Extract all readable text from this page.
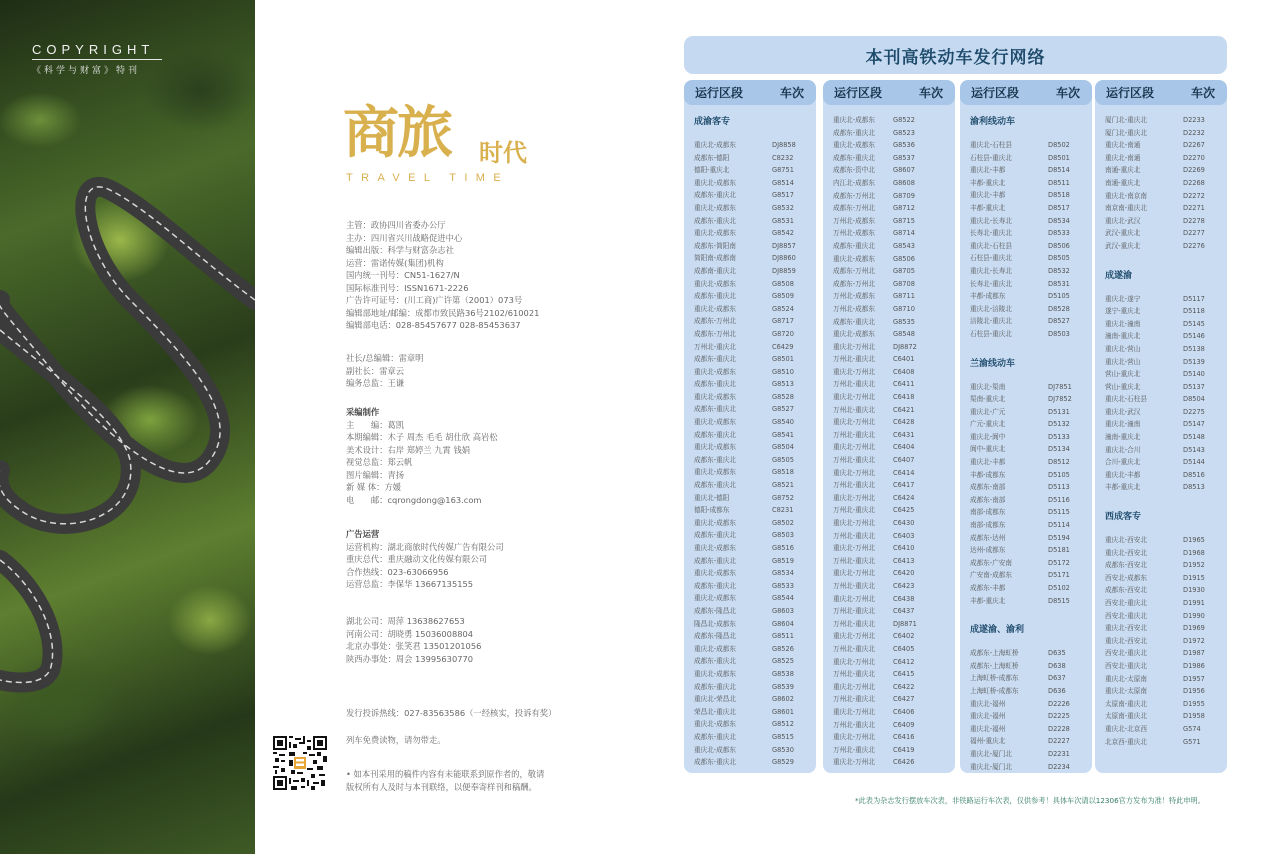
COPYRIGHT
《科学与财富》特刊
商旅 时代
TRAVEL TIME
主管：政协四川省委办公厅
主办：四川省兴川战略促进中心
编辑出版：科学与财富杂志社
运营：雷诺传媒(集团)机构
国内统一刊号：CN51-1627/N
国际标准刊号：ISSN1671-2226
广告许可证号：(川工商)广许第（2001）073号
编辑部地址/邮编：成都市致民路36号2102/610021
编辑部电话：028-85457677 028-85453637
社长/总编辑：雷章明
副社长：雷章云
编务总监：王谦
采编制作
主　　编：葛凯
本期编辑：木子 周杰 毛毛 胡仕欣 高岩松
美术设计：右岸 郑婷兰 九霄 钱娟
视觉总监：郑云帆
图片编辑：青扬
新 媒 体：方媛
电　　邮：cqrongdong@163.com
广告运营
运营机构：湖北商旅时代传媒广告有限公司
重庆总代：重庆融动文化传媒有限公司
合作热线：023-63066956
运营总监：李保华 13667135155
湖北公司：周萍 13638627653
河南公司：胡晓勇 15036008804
北京办事处：张笑君 13501201056
陕西办事处：周会 13995630770
发行投诉热线：027-83563586（一经核实，投诉有奖）
列车免费读物，请勿带走。
• 如本刊采用的稿件内容有未能联系到原作者的，敬请
版权所有人及时与本刊联络，以便奉寄样刊和稿酬。
本刊高铁动车发行网络
运行区段	车次
成渝客专
重庆北-成都东	DJ8858
成都东-德阳	C8232
德阳-重庆北	G8751
重庆北-成都东	G8514
成都东-重庆北	G8517
重庆北-成都东	G8532
成都东-重庆北	G8531
重庆北-成都东	G8542
成都东-简阳南	DJ8857
简阳南-成都南	DJ8860
成都南-重庆北	DJ8859
重庆北-成都东	G8508
成都东-重庆北	G8509
重庆北-成都东	G8524
成都东-万州北	G8717
成都东-万州北	G8720
万州北-重庆北	C6429
成都东-重庆北	G8501
重庆北-成都东	G8510
成都东-重庆北	G8513
重庆北-成都东	G8528
成都东-重庆北	G8527
重庆北-成都东	G8540
成都东-重庆北	G8541
重庆北-成都东	G8504
成都东-重庆北	G8505
重庆北-成都东	G8518
成都东-重庆北	G8521
重庆北-德阳	G8752
德阳-成都东	C8231
重庆北-成都东	G8502
成都东-重庆北	G8503
重庆北-成都东	G8516
成都东-重庆北	G8519
重庆北-成都东	G8534
成都东-重庆北	G8533
重庆北-成都东	G8544
成都东-隆昌北	G8603
隆昌北-成都东	G8604
成都东-隆昌北	G8511
重庆北-成都东	G8526
成都东-重庆北	G8525
重庆北-成都东	G8538
成都东-重庆北	G8539
重庆北-荣昌北	G8602
荣昌北-重庆北	G8601
重庆北-成都东	G8512
成都东-重庆北	G8515
重庆北-成都东	G8530
成都东-重庆北	G8529
运行区段	车次
重庆北-成都东	G8522
成都东-重庆北	G8523
重庆北-成都东	G8536
成都东-重庆北	G8537
成都东-资中北	G8607
内江北-成都东	G8608
成都东-万州北	G8709
成都东-万州北	G8712
万州北-成都东	G8715
万州北-成都东	G8714
成都东-重庆北	G8543
重庆北-成都东	G8506
成都东-万州北	G8705
成都东-万州北	G8708
万州北-成都东	G8711
万州北-成都东	G8710
成都东-重庆北	G8535
重庆北-成都东	G8548
重庆北-万州北	DJ8872
万州北-重庆北	C6401
重庆北-万州北	C6408
万州北-重庆北	C6411
重庆北-万州北	C6418
万州北-重庆北	C6421
重庆北-万州北	C6428
万州北-重庆北	C6431
重庆北-万州北	C6404
万州北-重庆北	C6407
重庆北-万州北	C6414
万州北-重庆北	C6417
重庆北-万州北	C6424
万州北-重庆北	C6425
重庆北-万州北	C6430
万州北-重庆北	C6403
重庆北-万州北	C6410
万州北-重庆北	C6413
重庆北-万州北	C6420
万州北-重庆北	C6423
重庆北-万州北	C6438
万州北-重庆北	C6437
万州北-重庆北	DJ8871
重庆北-万州北	C6402
万州北-重庆北	C6405
重庆北-万州北	C6412
万州北-重庆北	C6415
重庆北-万州北	C6422
万州北-重庆北	C6427
重庆北-万州北	C6406
万州北-重庆北	C6409
重庆北-万州北	C6416
万州北-重庆北	C6419
重庆北-万州北	C6426
运行区段	车次
渝利线动车
重庆北-石柱县	D8502
石柱县-重庆北	D8501
重庆北-丰都	D8514
丰都-重庆北	D8511
重庆北-丰都	D8518
丰都-重庆北	D8517
重庆北-长寿北	D8534
长寿北-重庆北	D8533
重庆北-石柱县	D8506
石柱县-重庆北	D8505
重庆北-长寿北	D8532
长寿北-重庆北	D8531
丰都-成都东	D5105
重庆北-涪陵北	D8528
涪陵北-重庆北	D8527
石柱县-重庆北	D8503
兰渝线动车
重庆北-渠南	DJ7851
渠南-重庆北	DJ7852
重庆北-广元	D5131
广元-重庆北	D5132
重庆北-阆中	D5133
阆中-重庆北	D5134
重庆北-丰都	D8512
丰都-成都东	D5105
成都东-南部	D5113
成都东-南部	D5116
南部-成都东	D5115
南部-成都东	D5114
成都东-达州	D5194
达州-成都东	D5181
成都东-广安南	D5172
广安南-成都东	D5171
成都东-丰都	D5102
丰都-重庆北	D8515
成遂渝、渝利
成都东-上海虹桥	D635
成都东-上海虹桥	D638
上海虹桥-成都东	D637
上海虹桥-成都东	D636
重庆北-福州	D2226
重庆北-福州	D2225
重庆北-福州	D2228
福州-重庆北	D2227
重庆北-厦门北	D2231
重庆北-厦门北	D2234
运行区段	车次
厦门北-重庆北	D2233
厦门北-重庆北	D2232
重庆北-南通	D2267
重庆北-南通	D2270
南通-重庆北	D2269
南通-重庆北	D2268
重庆北-南京南	D2272
南京南-重庆北	D2271
重庆北-武汉	D2278
武汉-重庆北	D2277
武汉-重庆北	D2276
成遂渝
重庆北-遂宁	D5117
遂宁-重庆北	D5118
重庆北-潼南	D5145
潼南-重庆北	D5146
重庆北-营山	D5138
重庆北-营山	D5139
营山-重庆北	D5140
营山-重庆北	D5137
重庆北-石柱县	D8504
重庆北-武汉	D2275
重庆北-潼南	D5147
潼南-重庆北	D5148
重庆北-合川	D5143
合川-重庆北	D5144
重庆北-丰都	D8516
丰都-重庆北	D8513
西成客专
重庆北-西安北	D1965
重庆北-西安北	D1968
成都东-西安北	D1952
西安北-成都东	D1915
成都东-西安北	D1930
西安北-重庆北	D1991
西安北-重庆北	D1990
重庆北-西安北	D1969
重庆北-西安北	D1972
西安北-重庆北	D1987
西安北-重庆北	D1986
重庆北-太原南	D1957
重庆北-太原南	D1956
太原南-重庆北	D1955
太原南-重庆北	D1958
重庆北-北京西	G574
北京西-重庆北	G571
*此表为杂志发行摆放车次表，非铁路运行车次表，仅供参考！具体车次请以12306官方发布为准！特此申明。
